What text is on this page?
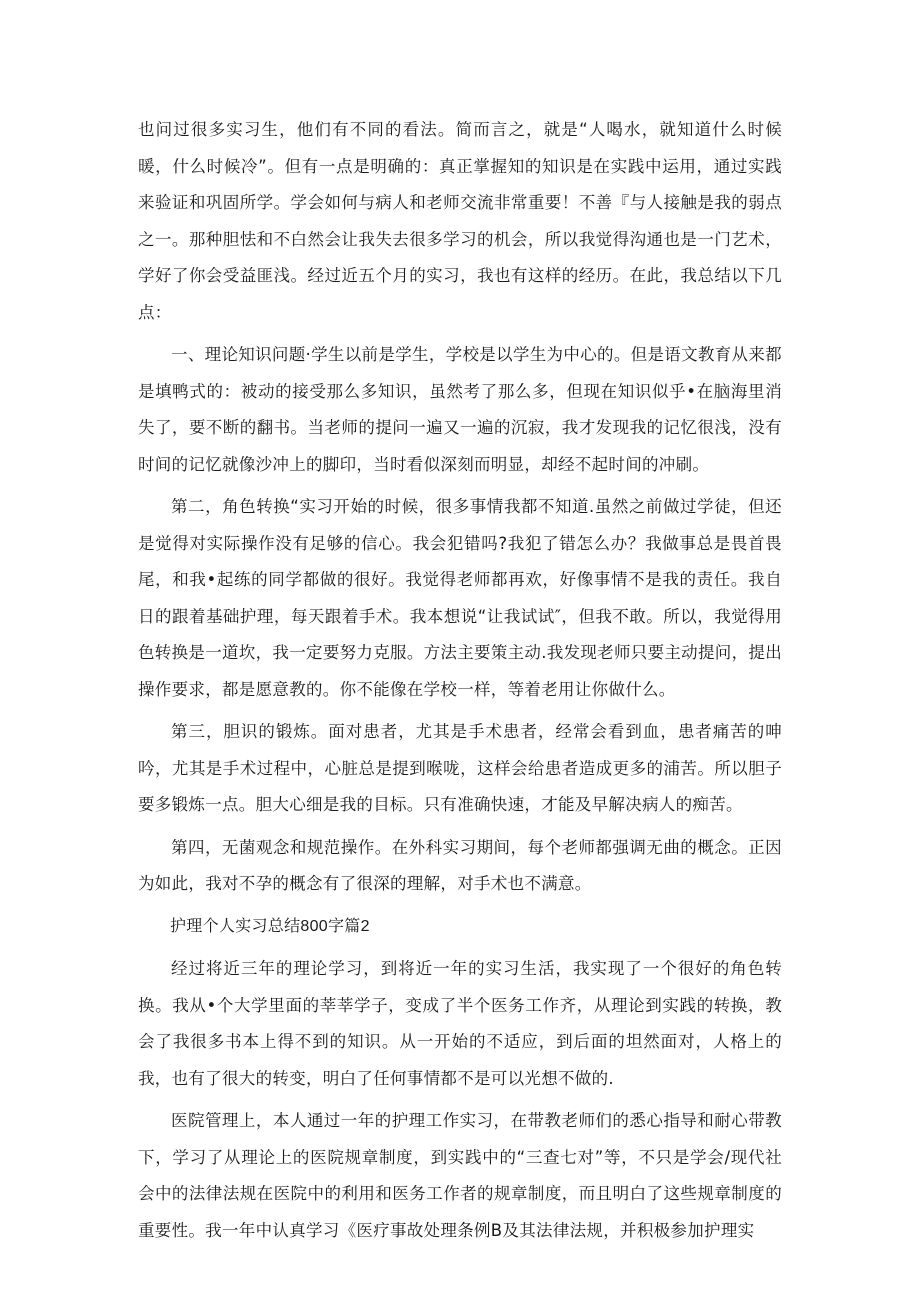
也问过很多实习生，他们有不同的看法。简而言之，就是“人喝水，就知道什么时候暖，什么时候冷”。但有一点是明确的：真正掌握知的知识是在实践中运用，通过实践来验证和巩固所学。学会如何与病人和老师交流非常重要！不善『与人接触是我的弱点之一。那种胆怯和不白然会让我失去很多学习的机会，所以我觉得沟通也是一门艺术，学好了你会受益匪浅。经过近五个月的实习，我也有这样的经历。在此，我总结以下几点：

一、理论知识问题·学生以前是学生，学校是以学生为中心的。但是语文教育从来都是填鸭式的：被动的接受那么多知识，虽然考了那么多，但现在知识似乎•在脑海里消失了，要不断的翻书。当老师的提问一遍又一遍的沉寂，我才发现我的记忆很浅，没有时间的记忆就像沙冲上的脚印，当时看似深刻而明显，却经不起时间的冲刷。

第二，角色转换“实习开始的时候，很多事情我都不知道.虽然之前做过学徒，但还是觉得对实际操作没有足够的信心。我会犯错吗?我犯了错怎么办？我做事总是畏首畏尾，和我•起练的同学都做的很好。我觉得老师都再欢，好像事情不是我的责任。我自日的跟着基础护理，每天跟着手术。我本想说“让我试试″，但我不敢。所以，我觉得用色转换是一道坎，我一定要努力克服。方法主要策主动.我发现老师只要主动提问，提出操作要求，都是愿意教的。你不能像在学校一样，等着老用让你做什么。

第三，胆识的锻炼。面对患者，尤其是手术患者，经常会看到血，患者痛苦的呻吟，尤其是手术过程中，心脏总是提到喉咙，这样会给患者造成更多的浦苦。所以胆子要多锻炼一点。胆大心细是我的目标。只有准确快速，才能及早解决病人的痴苦。

第四，无菌观念和规范操作。在外科实习期间，每个老师都强调无曲的概念。正因为如此，我对不孕的概念有了很深的理解，对手术也不满意。

护理个人实习总结800字篇2

经过将近三年的理论学习，到将近一年的实习生活，我实现了一个很好的角色转换。我从•个大学里面的莘莘学子，变成了半个医务工作齐，从理论到实践的转换，教会了我很多书本上得不到的知识。从一开始的不适应，到后面的坦然面对，人格上的我，也有了很大的转变，明白了任何事情都不是可以光想不做的.

医院管理上，本人通过一年的护理工作实习，在带教老师们的悉心指导和耐心带教下，学习了从理论上的医院规章制度，到实践中的“三查七对”等，不只是学会/现代社会中的法律法规在医院中的利用和医务工作者的规章制度，而且明白了这些规章制度的重要性。我一年中认真学习《医疗事故处理条例B及其法律法规，并积极参加护理实
